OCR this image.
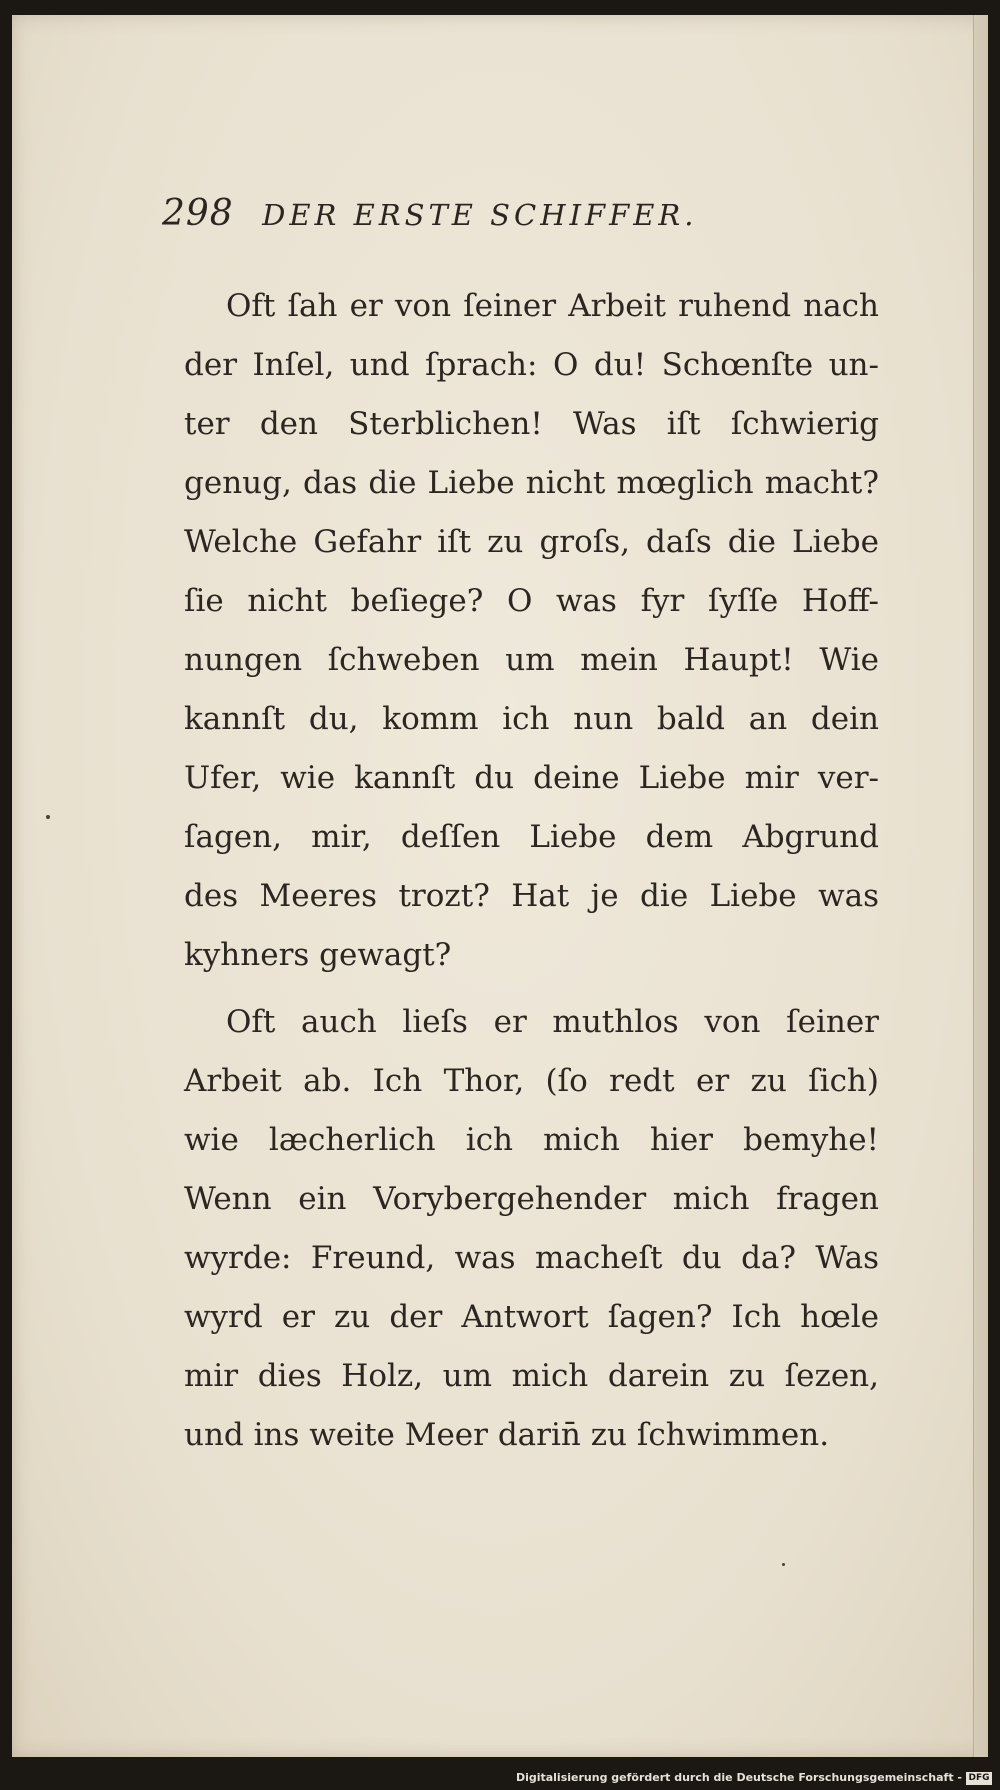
298 DER ERSTE SCHIFFER.
Oft ſah er von ſeiner Arbeit ruhend nach
der Inſel, und ſprach: O du! Schœnſte un-
ter den Sterblichen! Was iſt ſchwierig
genug, das die Liebe nicht mœglich macht?
Welche Gefahr iſt zu groſs, daſs die Liebe
ſie nicht beſiege? O was fyr ſyſſe Hoff-
nungen ſchweben um mein Haupt! Wie
kannſt du, komm ich nun bald an dein
Ufer, wie kannſt du deine Liebe mir ver-
ſagen, mir, deſſen Liebe dem Abgrund
des Meeres trozt? Hat je die Liebe was
kyhners gewagt?
Oft auch lieſs er muthlos von ſeiner
Arbeit ab. Ich Thor, (ſo redt er zu ſich)
wie læcherlich ich mich hier bemyhe!
Wenn ein Vorybergehender mich fragen
wyrde: Freund, was macheſt du da? Was
wyrd er zu der Antwort ſagen? Ich hœle
mir dies Holz, um mich darein zu ſezen,
und ins weite Meer darin̄ zu ſchwimmen.
Digitalisierung gefördert durch die Deutsche Forschungsgemeinschaft - DFG
